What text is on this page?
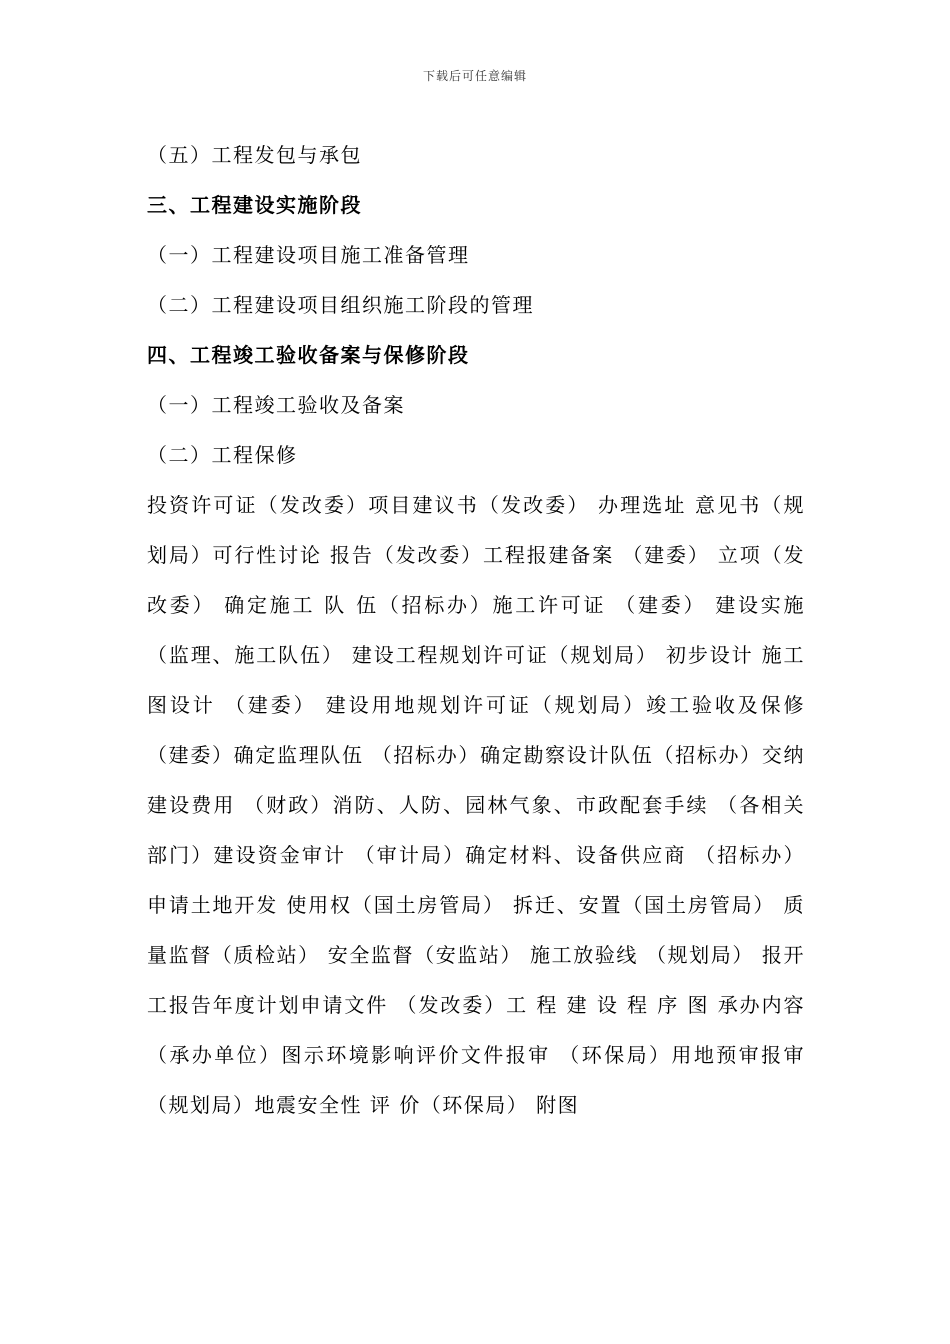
下载后可任意编辑
（五）工程发包与承包
三、工程建设实施阶段
（一）工程建设项目施工准备管理
（二）工程建设项目组织施工阶段的管理
四、工程竣工验收备案与保修阶段
（一）工程竣工验收及备案
（二）工程保修
投资许可证（发改委）项目建议书（发改委） 办理选址 意见书（规划局）可行性讨论 报告（发改委）工程报建备案 （建委） 立项（发改委） 确定施工 队 伍（招标办）施工许可证 （建委） 建设实施（监理、施工队伍） 建设工程规划许可证（规划局） 初步设计 施工图设计 （建委） 建设用地规划许可证（规划局）竣工验收及保修 （建委）确定监理队伍 （招标办）确定勘察设计队伍（招标办）交纳建设费用 （财政）消防、人防、园林气象、市政配套手续 （各相关部门）建设资金审计 （审计局）确定材料、设备供应商 （招标办） 申请土地开发 使用权（国土房管局） 拆迁、安置（国土房管局） 质量监督（质检站） 安全监督（安监站） 施工放验线 （规划局） 报开工报告年度计划申请文件 （发改委）工 程 建 设 程 序 图 承办内容 （承办单位）图示环境影响评价文件报审 （环保局）用地预审报审（规划局）地震安全性 评 价（环保局） 附图
